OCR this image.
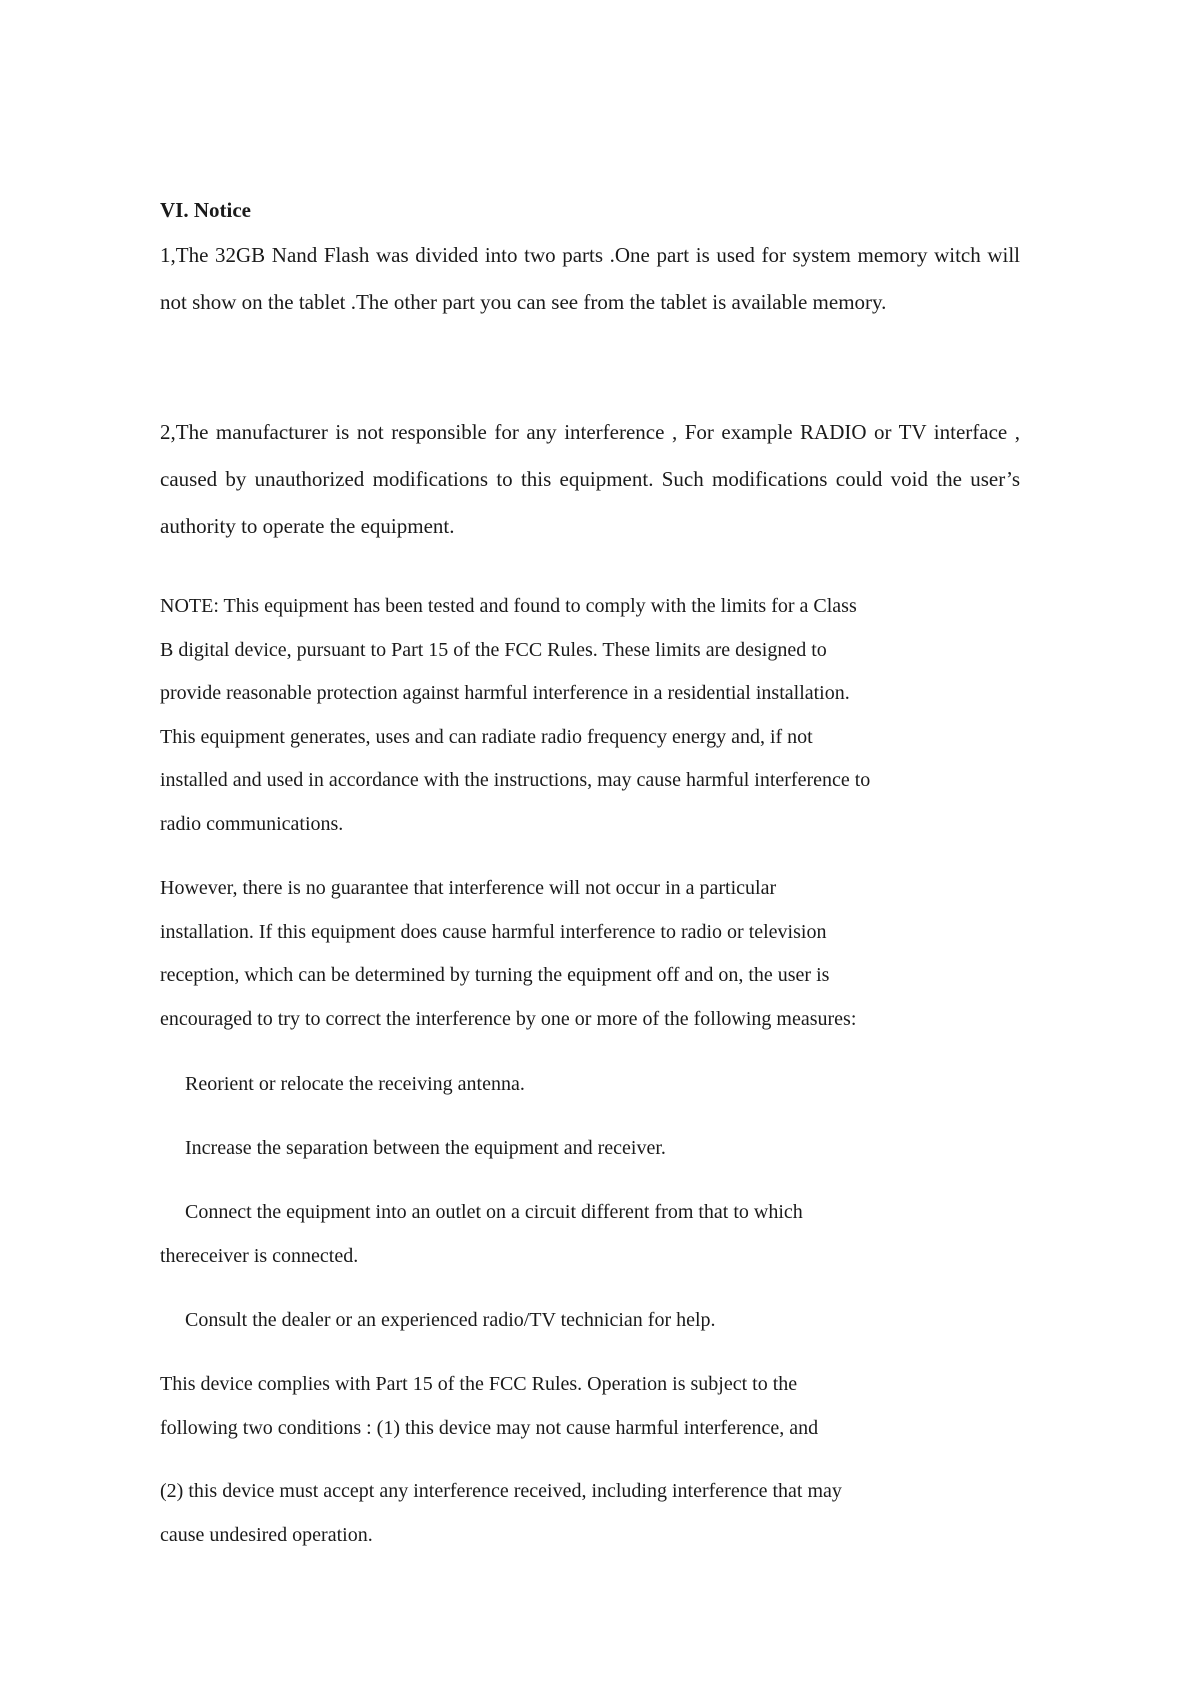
VI. Notice

1,The 32GB Nand Flash was divided into two parts .One part is used for system memory witch will not show on the tablet .The other part you can see from the tablet is available memory.

2,The manufacturer is not responsible for any interference , For example RADIO or TV interface , caused by unauthorized modifications to this equipment. Such modifications could void the user’s authority to operate the equipment.

NOTE: This equipment has been tested and found to comply with the limits for a Class
B digital device, pursuant to Part 15 of the FCC Rules. These limits are designed to
provide reasonable protection against harmful interference in a residential installation.
This equipment generates, uses and can radiate radio frequency energy and, if not
installed and used in accordance with the instructions, may cause harmful interference to
radio communications.
However, there is no guarantee that interference will not occur in a particular
installation. If this equipment does cause harmful interference to radio or television
reception, which can be determined by turning the equipment off and on, the user is
encouraged to try to correct the interference by one or more of the following measures:
Reorient or relocate the receiving antenna.
Increase the separation between the equipment and receiver.
Connect the equipment into an outlet on a circuit different from that to which
thereceiver is connected.
Consult the dealer or an experienced radio/TV technician for help.
This device complies with Part 15 of the FCC Rules. Operation is subject to the
following two conditions : (1) this device may not cause harmful interference, and
(2) this device must accept any interference received, including interference that may
cause undesired operation.
